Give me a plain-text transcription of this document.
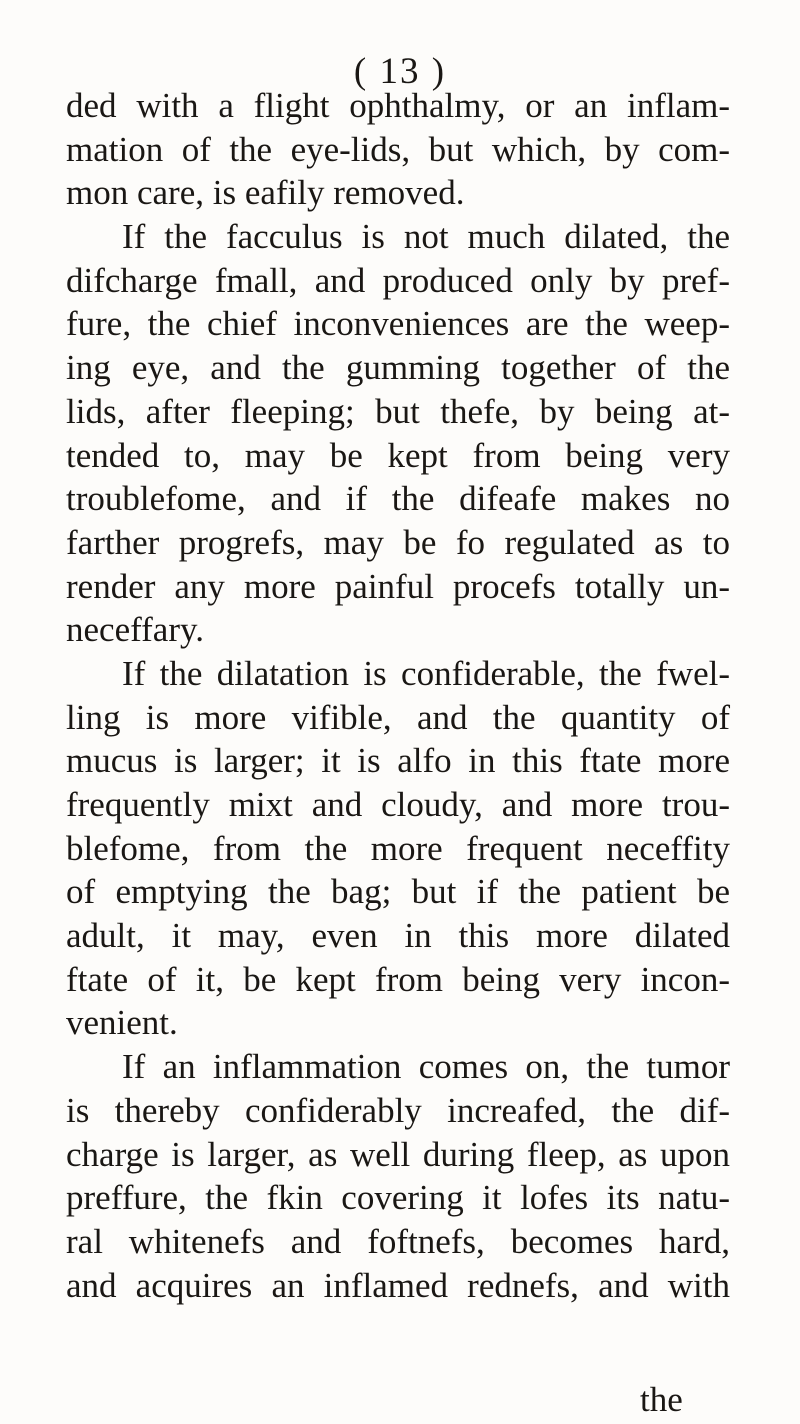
( 13 )
ded with a flight ophthalmy, or an inflam-
mation of the eye-lids, but which, by com-
mon care, is eafily removed.
If the facculus is not much dilated, the
difcharge fmall, and produced only by pref-
fure, the chief inconveniences are the weep-
ing eye, and the gumming together of the
lids, after fleeping; but thefe, by being at-
tended to, may be kept from being very
troublefome, and if the difeafe makes no
farther progrefs, may be fo regulated as to
render any more painful procefs totally un-
neceffary.
If the dilatation is confiderable, the fwel-
ling is more vifible, and the quantity of
mucus is larger; it is alfo in this ftate more
frequently mixt and cloudy, and more trou-
blefome, from the more frequent neceffity
of emptying the bag; but if the patient be
adult, it may, even in this more dilated
ftate of it, be kept from being very incon-
venient.
If an inflammation comes on, the tumor
is thereby confiderably increafed, the dif-
charge is larger, as well during fleep, as upon
preffure, the fkin covering it lofes its natu-
ral whitenefs and foftnefs, becomes hard,
and acquires an inflamed rednefs, and with
the
